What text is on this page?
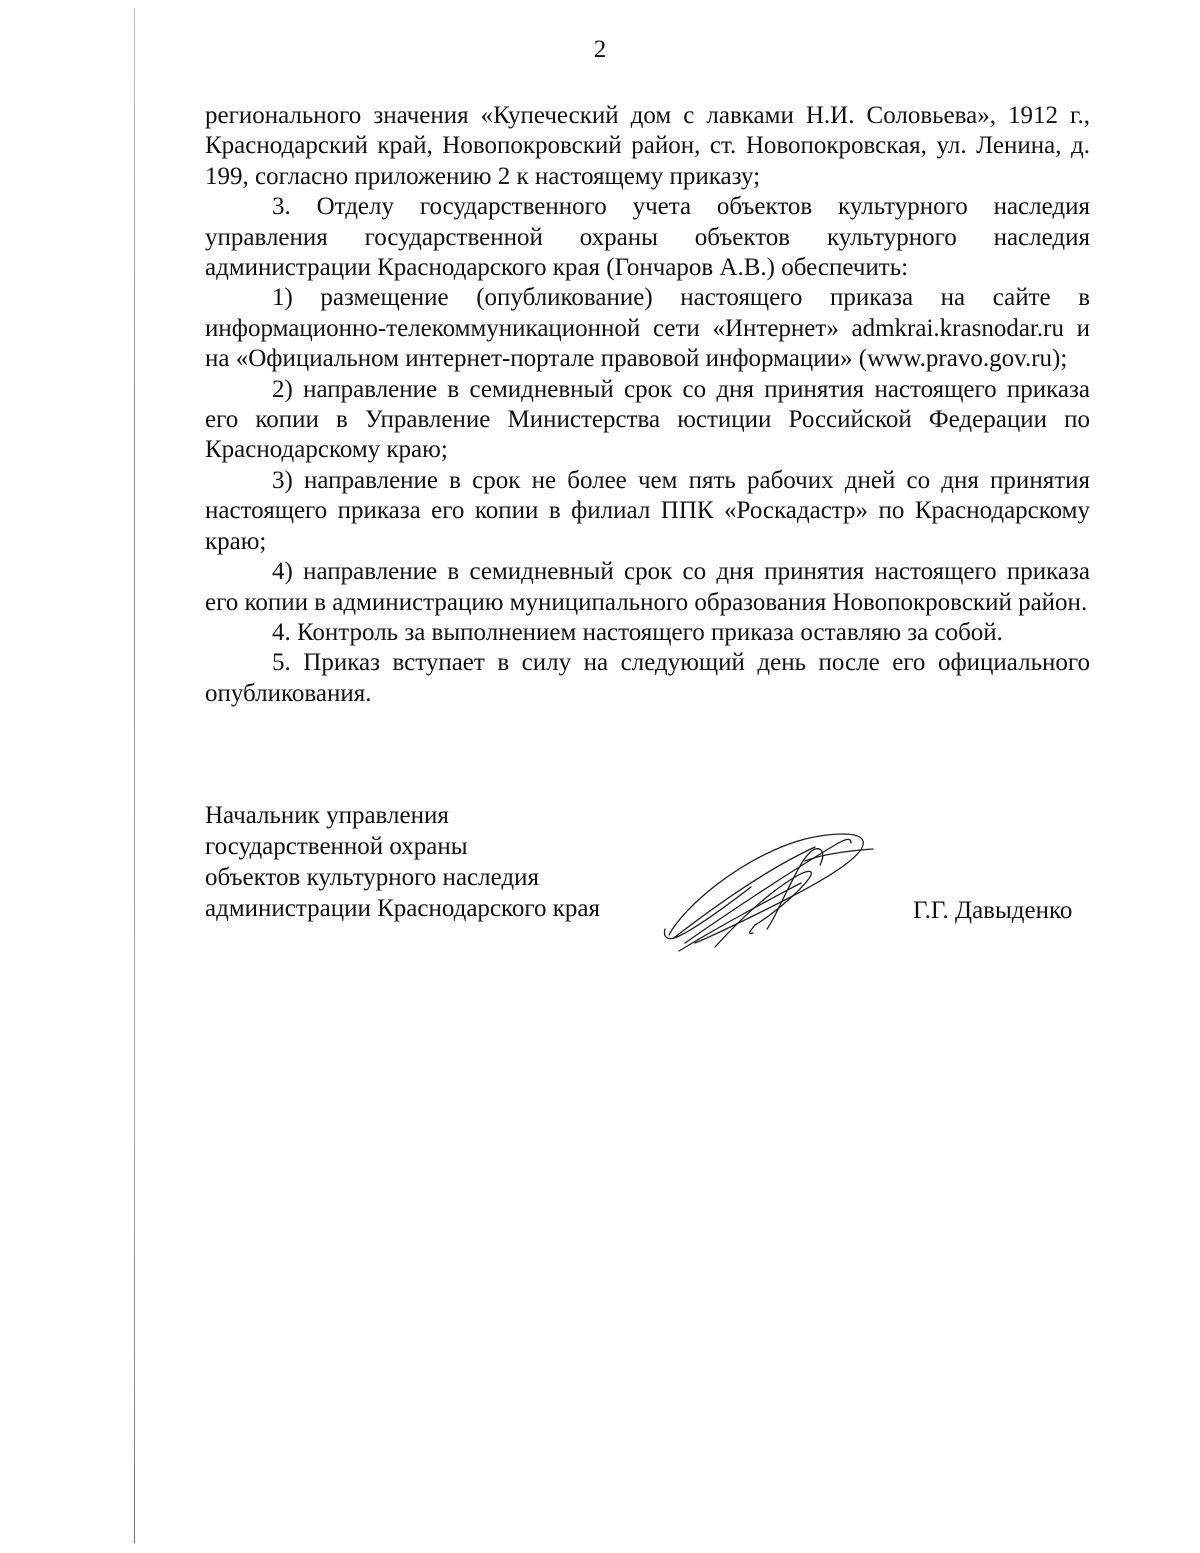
2

регионального значения «Купеческий дом с лавками Н.И. Соловьева», 1912 г., Краснодарский край, Новопокровский район, ст. Новопокровская, ул. Ленина, д. 199, согласно приложению 2 к настоящему приказу;

3. Отделу государственного учета объектов культурного наследия управления государственной охраны объектов культурного наследия администрации Краснодарского края (Гончаров А.В.) обеспечить:

1) размещение (опубликование) настоящего приказа на сайте в информационно-телекоммуникационной сети «Интернет» admkrai.krasnodar.ru и на «Официальном интернет-портале правовой информации» (www.pravo.gov.ru);

2) направление в семидневный срок со дня принятия настоящего приказа его копии в Управление Министерства юстиции Российской Федерации по Краснодарскому краю;

3) направление в срок не более чем пять рабочих дней со дня принятия настоящего приказа его копии в филиал ППК «Роскадастр» по Краснодарскому краю;

4) направление в семидневный срок со дня принятия настоящего приказа его копии в администрацию муниципального образования Новопокровский район.

4. Контроль за выполнением настоящего приказа оставляю за собой.

5. Приказ вступает в силу на следующий день после его официального опубликования.

Начальник управления
государственной охраны
объектов культурного наследия
администрации Краснодарского края	Г.Г. Давыденко
